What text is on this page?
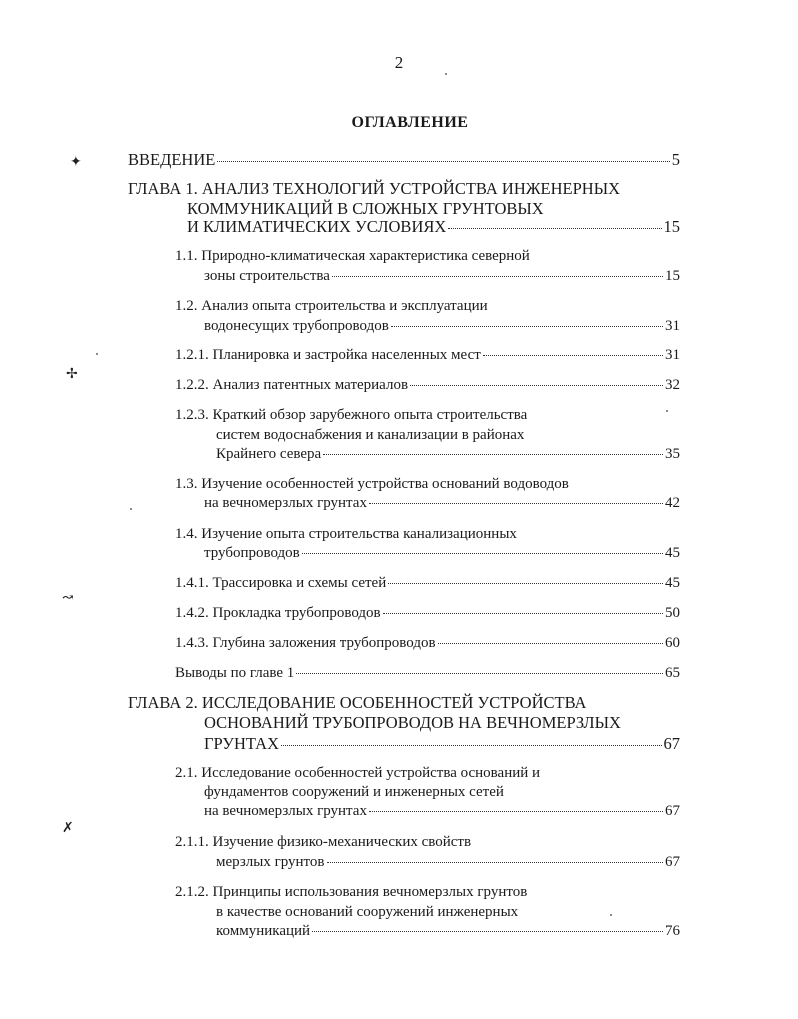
2
ОГЛАВЛЕНИЕ
ВВЕДЕНИЕ	5
ГЛАВА 1. АНАЛИЗ ТЕХНОЛОГИЙ УСТРОЙСТВА ИНЖЕНЕРНЫХ
КОММУНИКАЦИЙ В СЛОЖНЫХ ГРУНТОВЫХ
И КЛИМАТИЧЕСКИХ УСЛОВИЯХ	15
1.1. Природно-климатическая характеристика северной
зоны строительства	15
1.2. Анализ опыта строительства и эксплуатации
водонесущих трубопроводов	31
1.2.1. Планировка и застройка населенных мест	31
1.2.2. Анализ патентных материалов	32
1.2.3. Краткий обзор зарубежного опыта строительства
систем водоснабжения и канализации в районах
Крайнего севера	35
1.3. Изучение особенностей устройства оснований водоводов
на вечномерзлых грунтах	42
1.4. Изучение опыта строительства канализационных
трубопроводов	45
1.4.1. Трассировка и схемы сетей	45
1.4.2. Прокладка трубопроводов	50
1.4.3. Глубина заложения трубопроводов	60
Выводы по главе 1	65
ГЛАВА 2. ИССЛЕДОВАНИЕ ОСОБЕННОСТЕЙ УСТРОЙСТВА
ОСНОВАНИЙ ТРУБОПРОВОДОВ НА ВЕЧНОМЕРЗЛЫХ
ГРУНТАХ	67
2.1. Исследование особенностей устройства оснований и
фундаментов сооружений и инженерных сетей
на вечномерзлых грунтах	67
2.1.1. Изучение физико-механических свойств
мерзлых грунтов	67
2.1.2. Принципы использования вечномерзлых грунтов
в качестве оснований сооружений инженерных
коммуникаций	76
✦
✢
↝
✗
